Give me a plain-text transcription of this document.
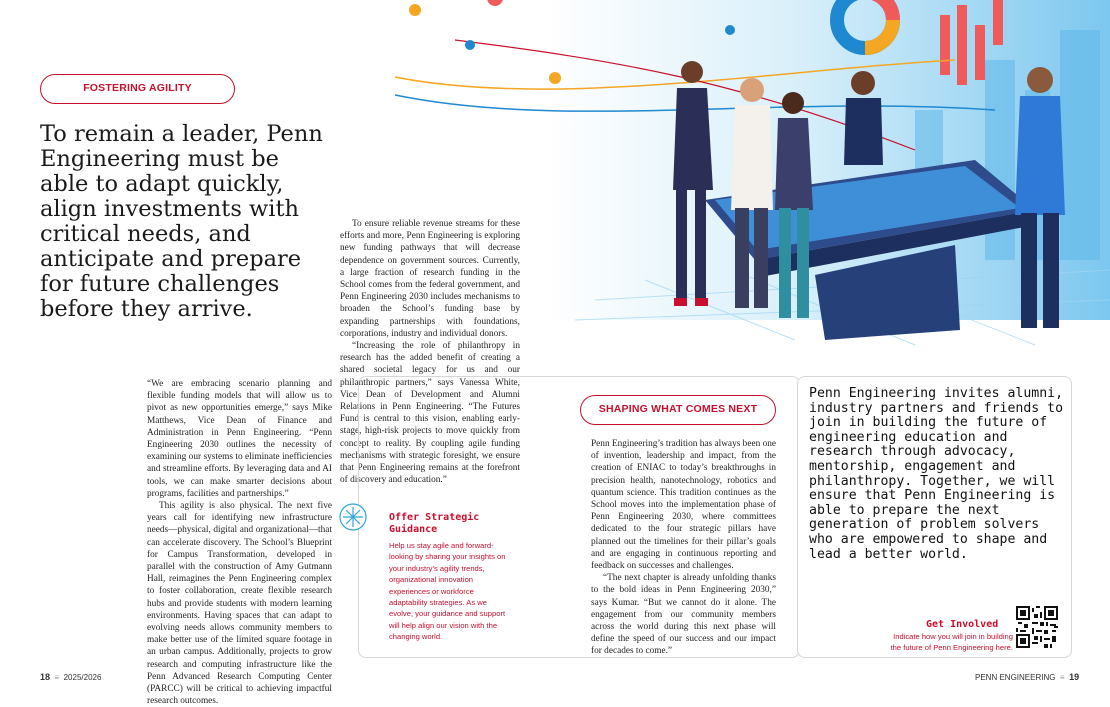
FOSTERING AGILITY
To remain a leader, Penn Engineering must be able to adapt quickly, align investments with critical needs, and anticipate and prepare for future challenges before they arrive.

“We are embracing scenario planning and flexible funding models that will allow us to pivot as new opportunities emerge,” says Mike Matthews, Vice Dean of Finance and Administration in Penn Engineering. “Penn Engineering 2030 outlines the necessity of examining our systems to eliminate inefficiencies and streamline efforts. By leveraging data and AI tools, we can make smarter decisions about programs, facilities and partnerships.”

This agility is also physical. The next five years call for identifying new infrastructure needs—physical, digital and organizational—that can accelerate discovery. The School’s Blueprint for Campus Transformation, developed in parallel with the construction of Amy Gutmann Hall, reimagines the Penn Engineering complex to foster collaboration, create flexible research hubs and provide students with modern learning environments. Having spaces that can adapt to evolving needs allows community members to make better use of the limited square footage in an urban campus. Additionally, projects to grow research and computing infrastructure like the Penn Advanced Research Computing Center (PARCC) will be critical to achieving impactful research outcomes.

To ensure reliable revenue streams for these efforts and more, Penn Engineering is exploring new funding pathways that will decrease dependence on government sources. Currently, a large fraction of research funding in the School comes from the federal government, and Penn Engineering 2030 includes mechanisms to broaden the School’s funding base by expanding partnerships with foundations, corporations, industry and individual donors.

“Increasing the role of philanthropy in research has the added benefit of creating a shared societal legacy for us and our philanthropic partners,” says Vanessa White, Vice Dean of Development and Alumni Relations in Penn Engineering. “The Futures Fund is central to this vision, enabling early-stage, high-risk projects to move quickly from concept to reality. By coupling agile funding mechanisms with strategic foresight, we ensure that Penn Engineering remains at the forefront of discovery and education.”

Offer Strategic Guidance
Help us stay agile and forward-looking by sharing your insights on your industry’s agility trends, organizational innovation experiences or workforce adaptability strategies. As we evolve, your guidance and support will help align our vision with the changing world.
SHAPING WHAT COMES NEXT

Penn Engineering’s tradition has always been one of invention, leadership and impact, from the creation of ENIAC to today’s breakthroughs in precision health, nanotechnology, robotics and quantum science. This tradition continues as the School moves into the implementation phase of Penn Engineering 2030, where committees dedicated to the four strategic pillars have planned out the timelines for their pillar’s goals and are engaging in continuous reporting and feedback on successes and challenges.

“The next chapter is already unfolding thanks to the bold ideas in Penn Engineering 2030,” says Kumar. “But we cannot do it alone. The engagement from our community members across the world during this next phase will define the speed of our success and our impact for decades to come.”

Penn Engineering invites alumni, industry partners and friends to join in building the future of engineering education and research through advocacy, mentorship, engagement and philanthropy. Together, we will ensure that Penn Engineering is able to prepare the next generation of problem solvers who are empowered to shape and lead a better world.

Get Involved
Indicate how you will join in building the future of Penn Engineering here.
18  ≡  2025/2026	PENN ENGINEERING  ≡  19
